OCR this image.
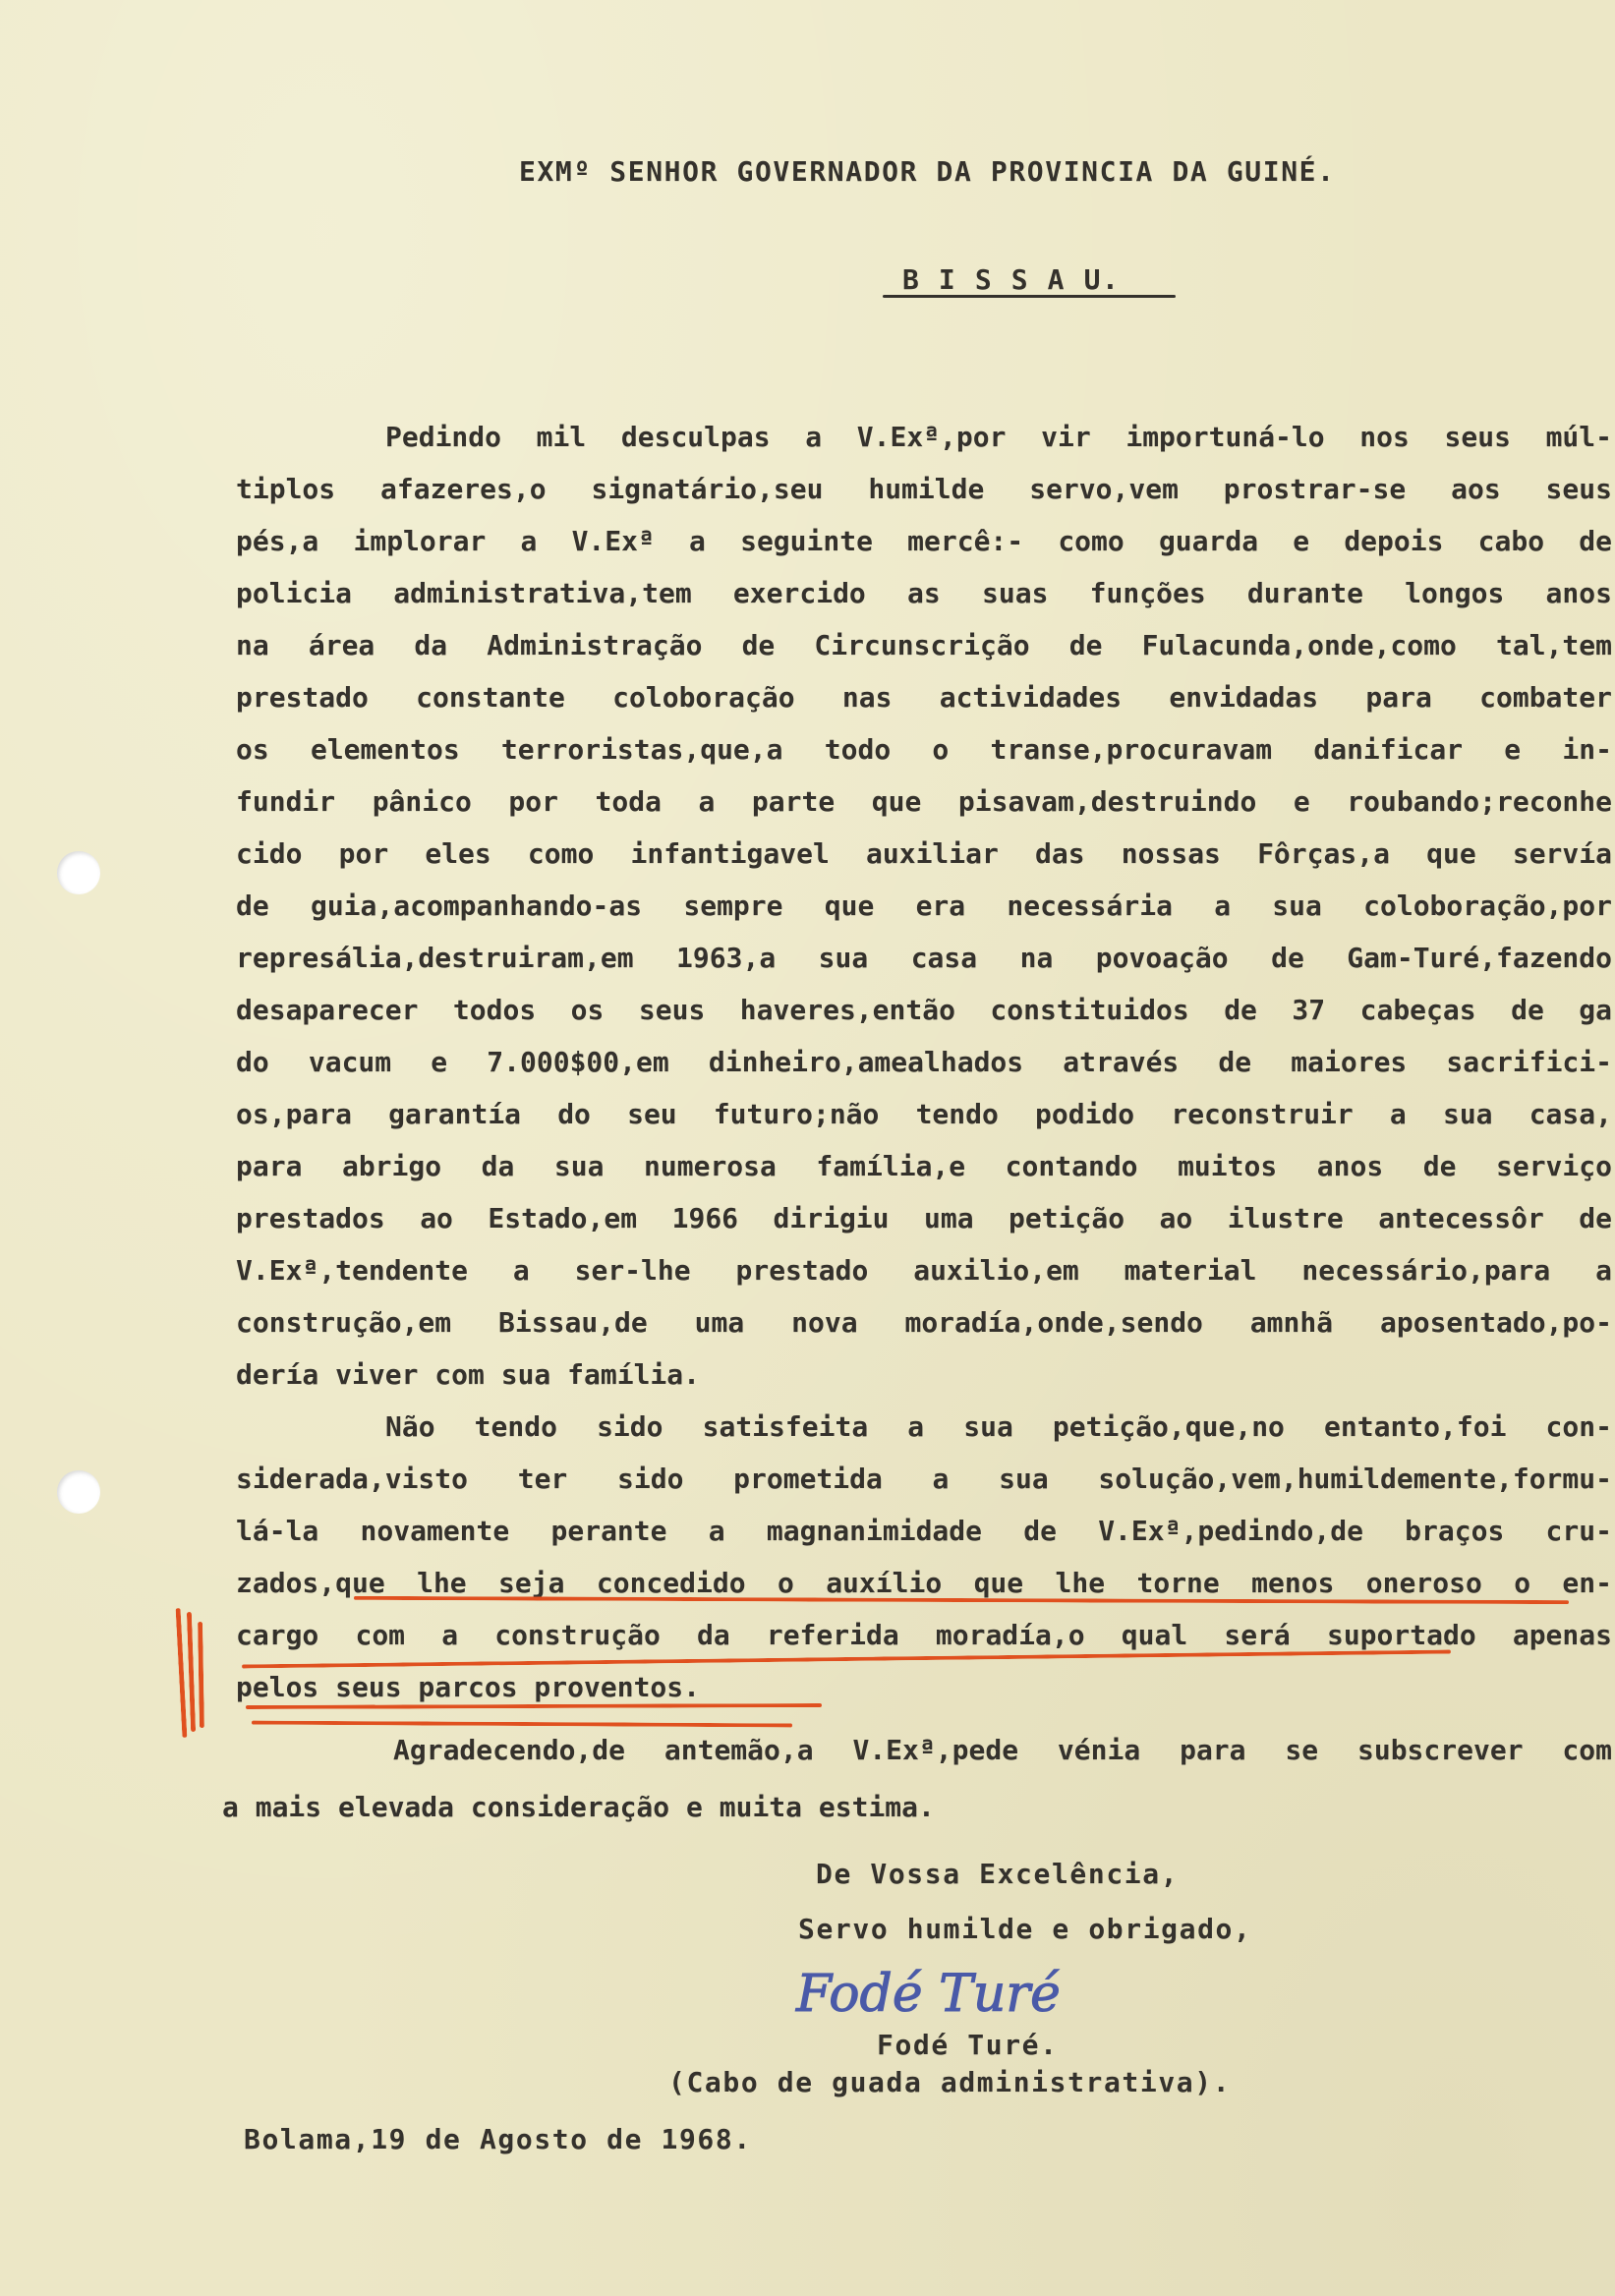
EXMº SENHOR GOVERNADOR DA PROVINCIA DA GUINÉ.
B I S S A U.
Pedindo mil desculpas a V.Exª,por vir importuná-lo nos seus múl-
tiplos afazeres,o signatário,seu humilde servo,vem prostrar-se aos seus
pés,a implorar a V.Exª a seguinte mercê:- como guarda e depois cabo de
policia administrativa,tem exercido as suas funções durante longos anos
na área da Administração de Circunscrição de Fulacunda,onde,como tal,tem
prestado constante coloboração nas actividades envidadas para combater
os elementos terroristas,que,a todo o transe,procuravam danificar e in-
fundir pânico por toda a parte que pisavam,destruindo e roubando;reconhe
cido por eles como infantigavel auxiliar das nossas Fôrças,a que servía
de guia,acompanhando-as sempre que era necessária a sua coloboração,por
represália,destruiram,em 1963,a sua casa na povoação de Gam-Turé,fazendo
desaparecer todos os seus haveres,então constituidos de 37 cabeças de ga
do vacum e 7.000$00,em dinheiro,amealhados através de maiores sacrifici-
os,para garantía do seu futuro;não tendo podido reconstruir a sua casa,
para abrigo da sua numerosa família,e contando muitos anos de serviço
prestados ao Estado,em 1966 dirigiu uma petição ao ilustre antecessôr de
V.Exª,tendente a ser-lhe prestado auxilio,em material necessário,para a
construção,em Bissau,de uma nova moradía,onde,sendo amnhã aposentado,po-
dería viver com sua família.
Não tendo sido satisfeita a sua petição,que,no entanto,foi con-
siderada,visto ter sido prometida a sua solução,vem,humildemente,formu-
lá-la novamente perante a magnanimidade de V.Exª,pedindo,de braços cru-
zados,que lhe seja concedido o auxílio que lhe torne menos oneroso o en-
cargo com a construção da referida moradía,o qual será suportado apenas
pelos seus parcos proventos.
Agradecendo,de antemão,a V.Exª,pede vénia para se subscrever com
a mais elevada consideração e muita estima.
De Vossa Excelência,
Servo humilde e obrigado,
Fodé Turé
Fodé Turé.
(Cabo de guada administrativa).
Bolama,19 de Agosto de 1968.
